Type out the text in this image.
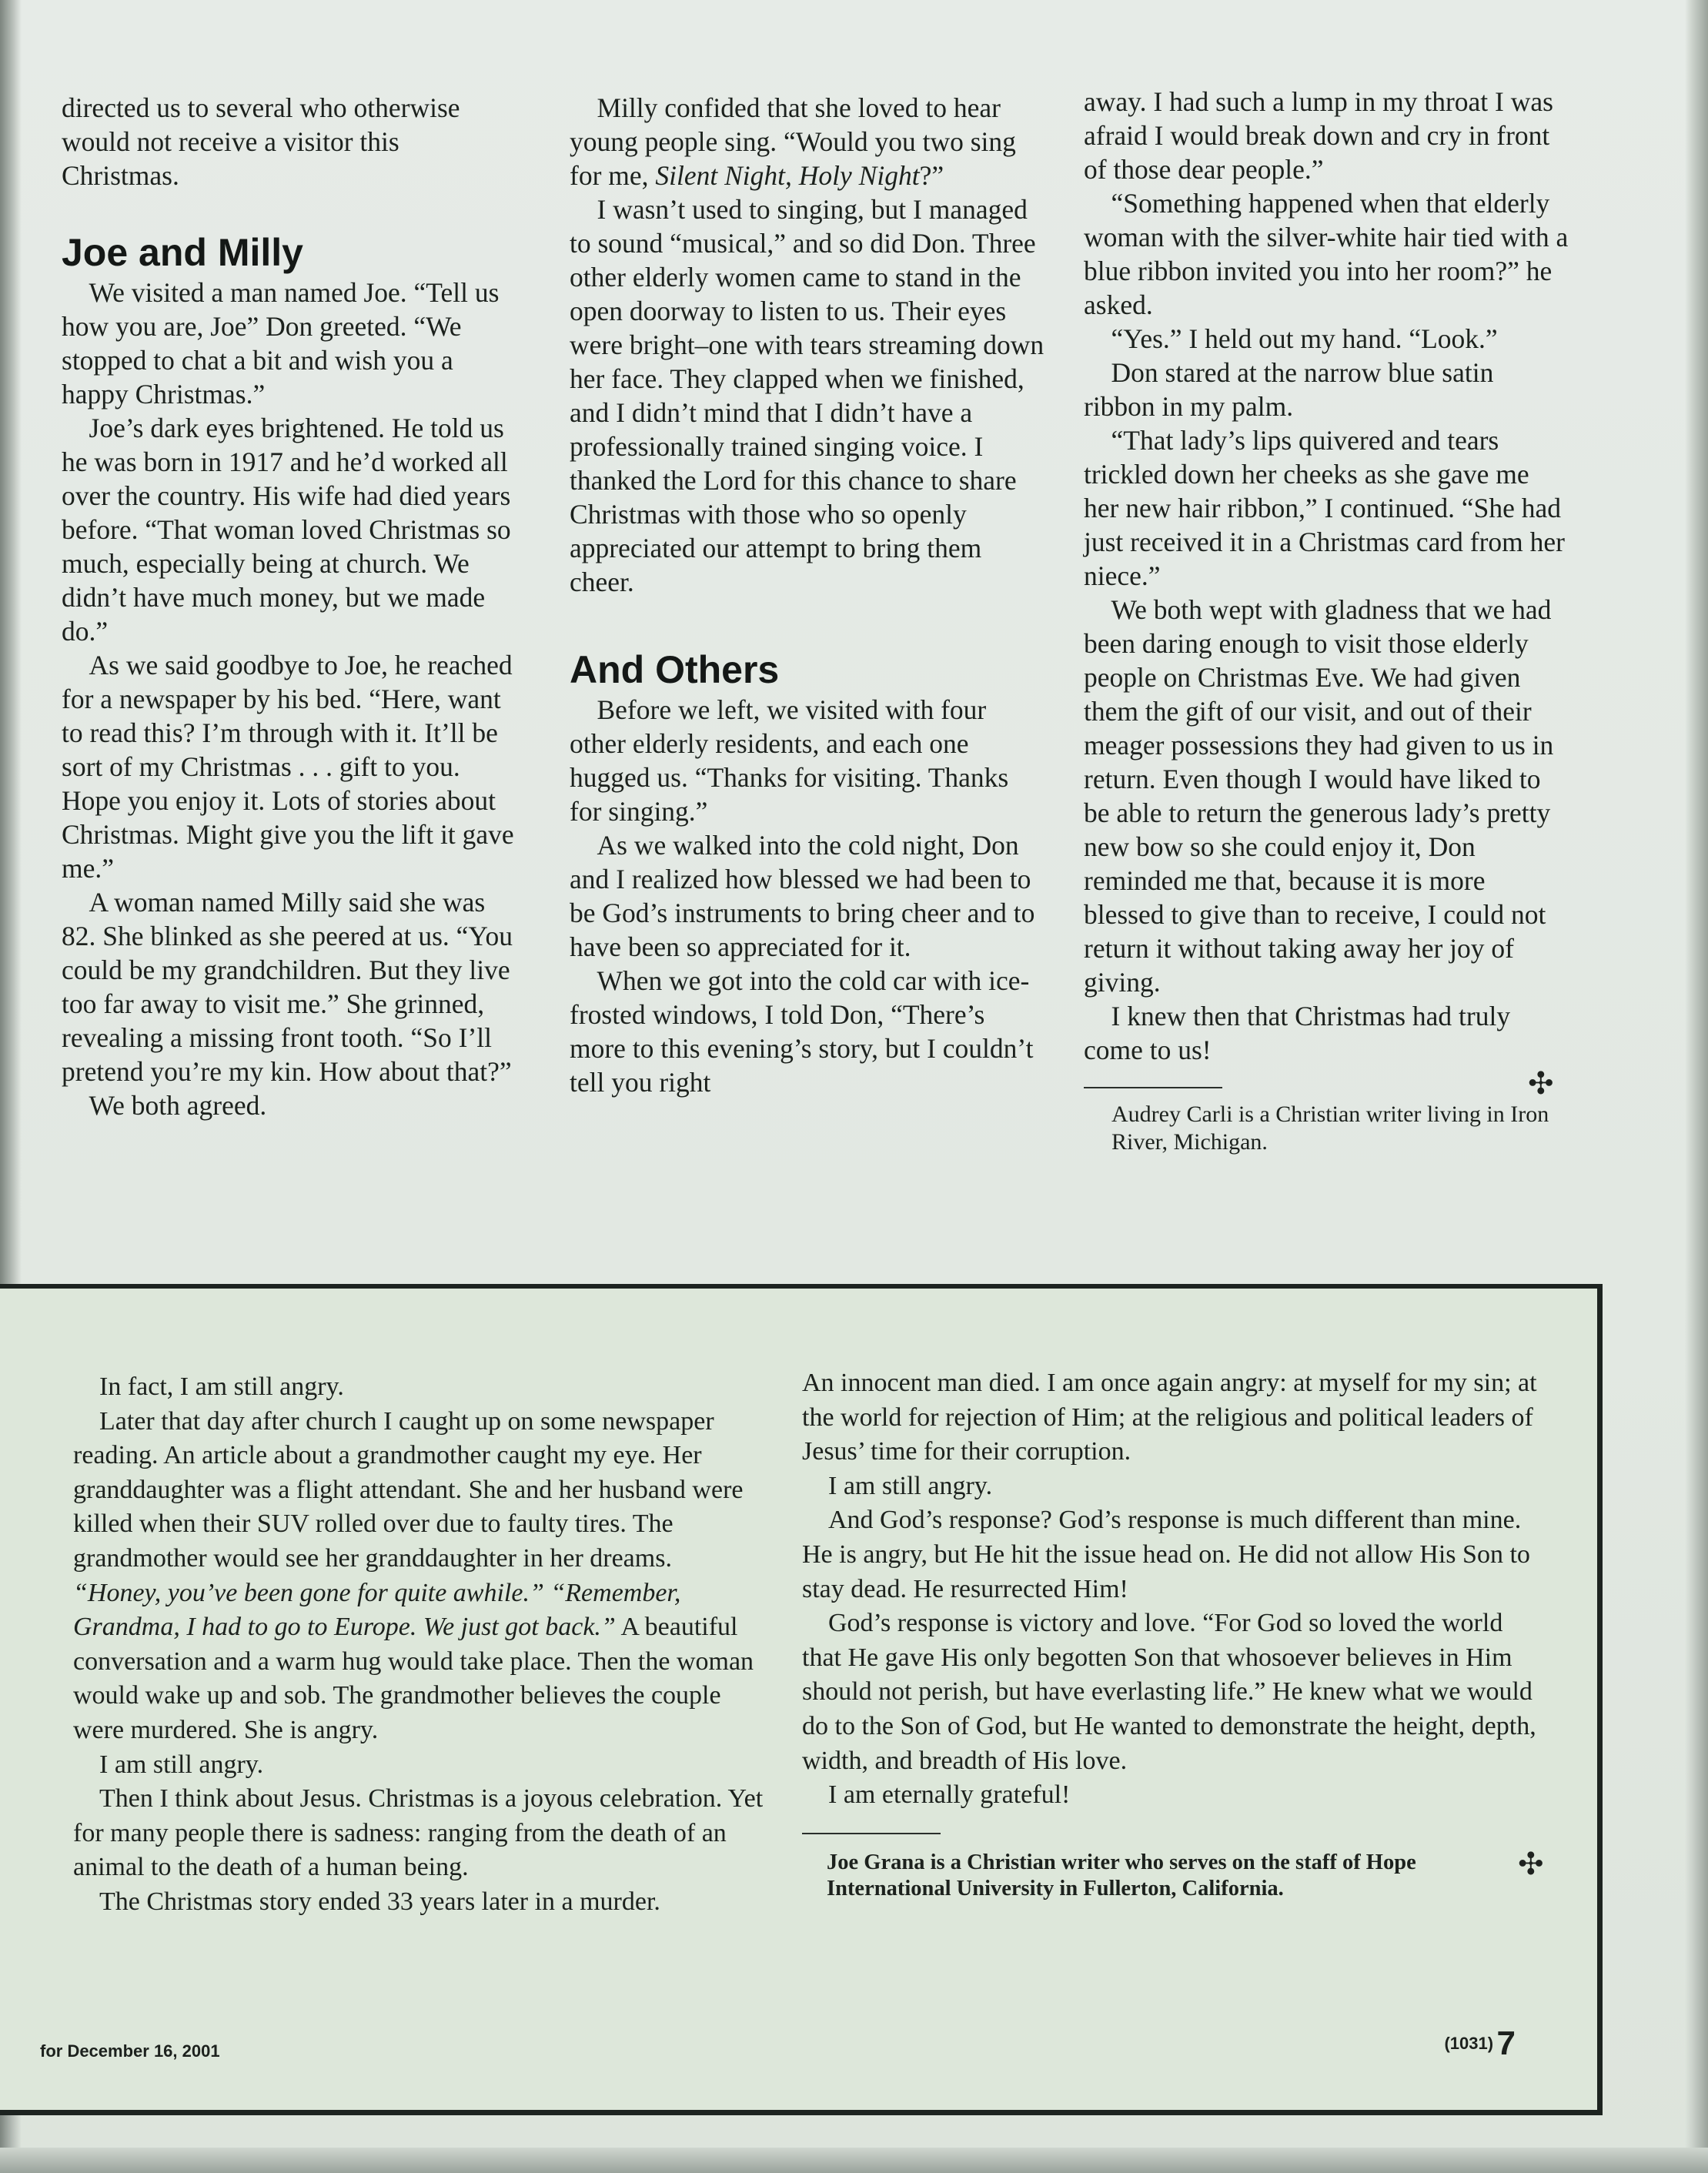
directed us to several who otherwise would not receive a visitor this Christmas.

Joe and Milly

We visited a man named Joe. “Tell us how you are, Joe” Don greeted. “We stopped to chat a bit and wish you a happy Christmas.”

Joe’s dark eyes brightened. He told us he was born in 1917 and he’d worked all over the country. His wife had died years before. “That woman loved Christmas so much, especially being at church. We didn’t have much money, but we made do.”

As we said goodbye to Joe, he reached for a newspaper by his bed. “Here, want to read this? I’m through with it. It’ll be sort of my Christmas . . . gift to you. Hope you enjoy it. Lots of stories about Christmas. Might give you the lift it gave me.”

A woman named Milly said she was 82. She blinked as she peered at us. “You could be my grandchildren. But they live too far away to visit me.” She grinned, revealing a missing front tooth. “So I’ll pretend you’re my kin. How about that?”

We both agreed.

Milly confided that she loved to hear young people sing. “Would you two sing for me, Silent Night, Holy Night?”

I wasn’t used to singing, but I managed to sound “musical,” and so did Don. Three other elderly women came to stand in the open doorway to listen to us. Their eyes were bright–one with tears streaming down her face. They clapped when we finished, and I didn’t mind that I didn’t have a professionally trained singing voice. I thanked the Lord for this chance to share Christmas with those who so openly appreciated our attempt to bring them cheer.

And Others

Before we left, we visited with four other elderly residents, and each one hugged us. “Thanks for visiting. Thanks for singing.”

As we walked into the cold night, Don and I realized how blessed we had been to be God’s instruments to bring cheer and to have been so appreciated for it.

When we got into the cold car with ice-frosted windows, I told Don, “There’s more to this evening’s story, but I couldn’t tell you right

away. I had such a lump in my throat I was afraid I would break down and cry in front of those dear people.”

“Something happened when that elderly woman with the silver-white hair tied with a blue ribbon invited you into her room?” he asked.

“Yes.” I held out my hand. “Look.”

Don stared at the narrow blue satin ribbon in my palm.

“That lady’s lips quivered and tears trickled down her cheeks as she gave me her new hair ribbon,” I continued. “She had just received it in a Christmas card from her niece.”

We both wept with gladness that we had been daring enough to visit those elderly people on Christmas Eve. We had given them the gift of our visit, and out of their meager possessions they had given to us in return. Even though I would have liked to be able to return the generous lady’s pretty new bow so she could enjoy it, Don reminded me that, because it is more blessed to give than to receive, I could not return it without taking away her joy of giving.

I knew then that Christmas had truly come to us!

Audrey Carli is a Christian writer living in Iron River, Michigan.

✣

In fact, I am still angry.

Later that day after church I caught up on some newspaper reading. An article about a grandmother caught my eye. Her granddaughter was a flight attendant. She and her husband were killed when their SUV rolled over due to faulty tires. The grandmother would see her granddaughter in her dreams. “Honey, you’ve been gone for quite awhile.” “Remember, Grandma, I had to go to Europe. We just got back.” A beautiful conversation and a warm hug would take place. Then the woman would wake up and sob. The grandmother believes the couple were murdered. She is angry.

I am still angry.

Then I think about Jesus. Christmas is a joyous celebration. Yet for many people there is sadness: ranging from the death of an animal to the death of a human being.

The Christmas story ended 33 years later in a murder.

An innocent man died. I am once again angry: at myself for my sin; at the world for rejection of Him; at the religious and political leaders of Jesus’ time for their corruption.

I am still angry.

And God’s response? God’s response is much different than mine. He is angry, but He hit the issue head on. He did not allow His Son to stay dead. He resurrected Him!

God’s response is victory and love. “For God so loved the world that He gave His only begotten Son that whosoever believes in Him should not perish, but have everlasting life.” He knew what we would do to the Son of God, but He wanted to demonstrate the height, depth, width, and breadth of His love.

I am eternally grateful!

Joe Grana is a Christian writer who serves on the staff of Hope International University in Fullerton, California.

✣
for December 16, 2001	(1031) 7
